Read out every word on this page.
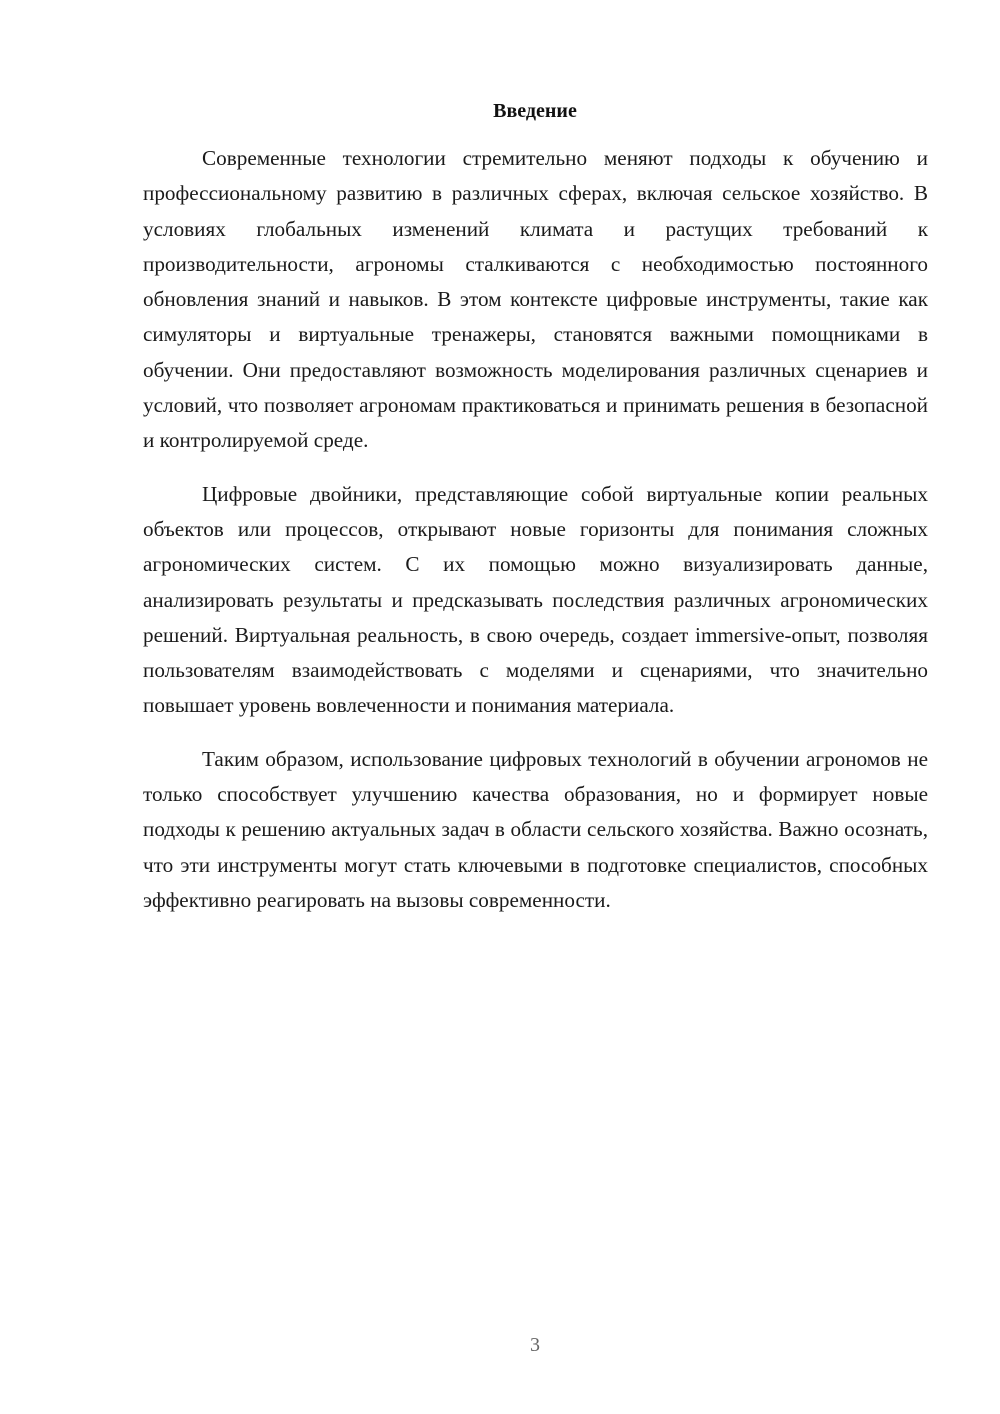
Введение

Современные технологии стремительно меняют подходы к обучению и профессиональному развитию в различных сферах, включая сельское хозяйство. В условиях глобальных изменений климата и растущих требований к производительности, агрономы сталкиваются с необходимостью постоянного обновления знаний и навыков. В этом контексте цифровые инструменты, такие как симуляторы и виртуальные тренажеры, становятся важными помощниками в обучении. Они предоставляют возможность моделирования различных сценариев и условий, что позволяет агрономам практиковаться и принимать решения в безопасной и контролируемой среде.

Цифровые двойники, представляющие собой виртуальные копии реальных объектов или процессов, открывают новые горизонты для понимания сложных агрономических систем. С их помощью можно визуализировать данные, анализировать результаты и предсказывать последствия различных агрономических решений. Виртуальная реальность, в свою очередь, создает immersive-опыт, позволяя пользователям взаимодействовать с моделями и сценариями, что значительно повышает уровень вовлеченности и понимания материала.

Таким образом, использование цифровых технологий в обучении агрономов не только способствует улучшению качества образования, но и формирует новые подходы к решению актуальных задач в области сельского хозяйства. Важно осознать, что эти инструменты могут стать ключевыми в подготовке специалистов, способных эффективно реагировать на вызовы современности.

3
